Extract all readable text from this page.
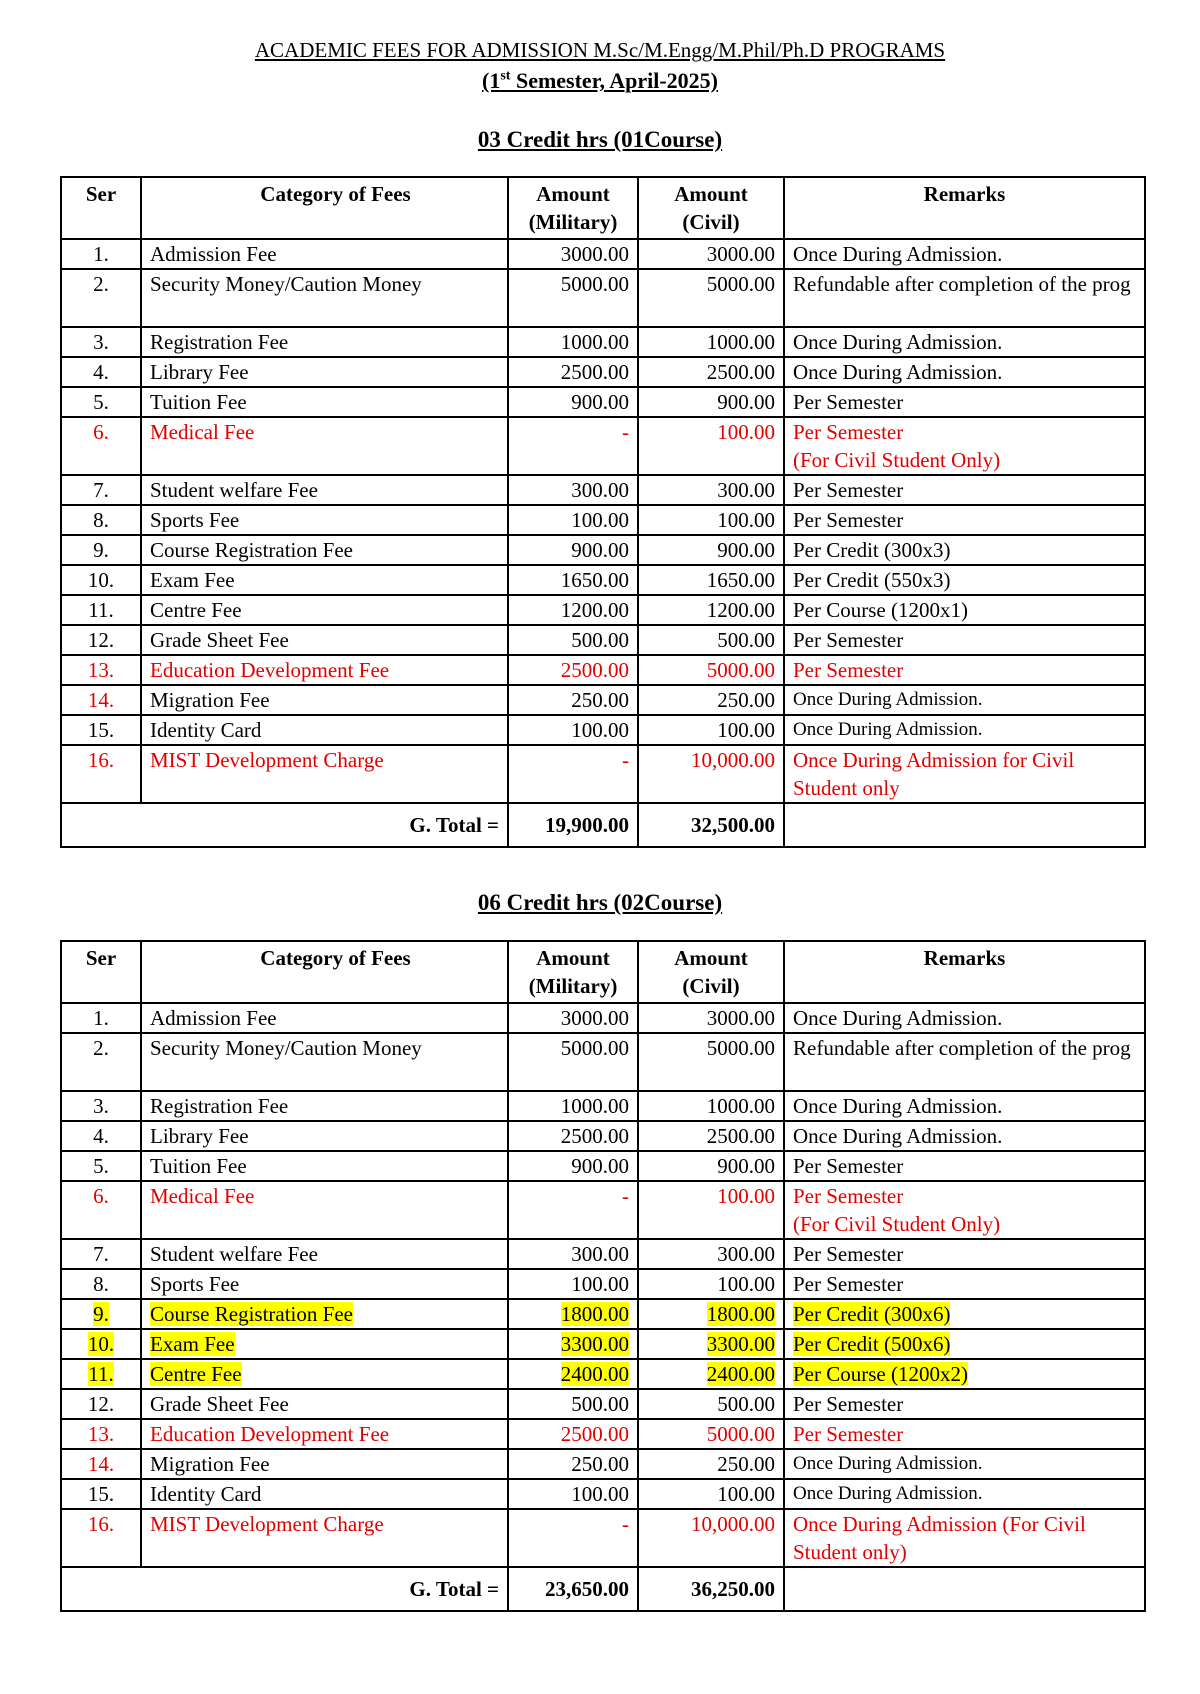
ACADEMIC FEES FOR ADMISSION M.Sc/M.Engg/M.Phil/Ph.D PROGRAMS
(1st Semester, April-2025)
03 Credit hrs (01Course)
Ser	Category of Fees	Amount (Military)	Amount (Civil)	Remarks
1.	Admission Fee	3000.00	3000.00	Once During Admission.
2.	Security Money/Caution Money	5000.00	5000.00	Refundable after completion of the prog
3.	Registration Fee	1000.00	1000.00	Once During Admission.
4.	Library Fee	2500.00	2500.00	Once During Admission.
5.	Tuition Fee	900.00	900.00	Per Semester
6.	Medical Fee	-	100.00	Per Semester
(For Civil Student Only)
7.	Student welfare Fee	300.00	300.00	Per Semester
8.	Sports Fee	100.00	100.00	Per Semester
9.	Course Registration Fee	900.00	900.00	Per Credit (300x3)
10.	Exam Fee	1650.00	1650.00	Per Credit (550x3)
11.	Centre Fee	1200.00	1200.00	Per Course (1200x1)
12.	Grade Sheet Fee	500.00	500.00	Per Semester
13.	Education Development Fee	2500.00	5000.00	Per Semester
14.	Migration Fee	250.00	250.00	Once During Admission.
15.	Identity Card	100.00	100.00	Once During Admission.
16.	MIST Development Charge	-	10,000.00	Once During Admission for Civil Student only
G. Total =		19,900.00	32,500.00	
06 Credit hrs (02Course)
Ser	Category of Fees	Amount (Military)	Amount (Civil)	Remarks
1.	Admission Fee	3000.00	3000.00	Once During Admission.
2.	Security Money/Caution Money	5000.00	5000.00	Refundable after completion of the prog
3.	Registration Fee	1000.00	1000.00	Once During Admission.
4.	Library Fee	2500.00	2500.00	Once During Admission.
5.	Tuition Fee	900.00	900.00	Per Semester
6.	Medical Fee	-	100.00	Per Semester
(For Civil Student Only)
7.	Student welfare Fee	300.00	300.00	Per Semester
8.	Sports Fee	100.00	100.00	Per Semester
9.	Course Registration Fee	1800.00	1800.00	Per Credit (300x6)
10.	Exam Fee	3300.00	3300.00	Per Credit (500x6)
11.	Centre Fee	2400.00	2400.00	Per Course (1200x2)
12.	Grade Sheet Fee	500.00	500.00	Per Semester
13.	Education Development Fee	2500.00	5000.00	Per Semester
14.	Migration Fee	250.00	250.00	Once During Admission.
15.	Identity Card	100.00	100.00	Once During Admission.
16.	MIST Development Charge	-	10,000.00	Once During Admission (For Civil Student only)
G. Total =		23,650.00	36,250.00	
